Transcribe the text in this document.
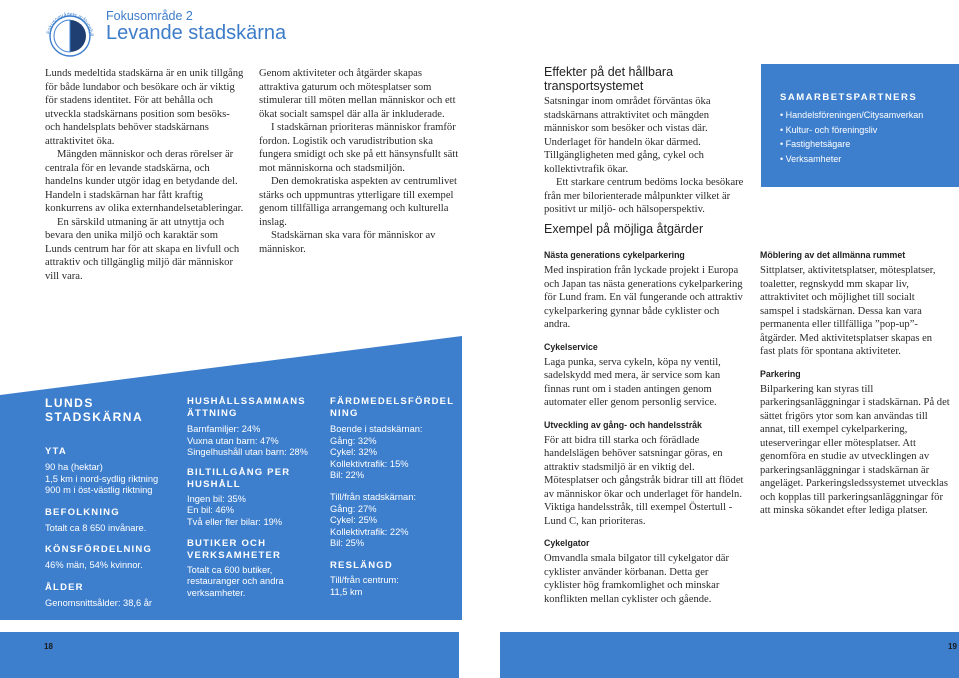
Fokusområdets måluppfyll
Fokusområde 2
Levande stadskärna

Lunds medeltida stadskärna är en unik tillgång för både lundabor och besökare och är viktig för stadens identitet. För att behålla och utveckla stadskärnans position som besöks- och handelsplats behöver stadskärnans attraktivitet öka.

Mängden människor och deras rörelser är centrala för en levande stadskärna, och handelns kunder utgör idag en betydande del. Handeln i stadskärnan har fått kraftig konkurrens av olika externhandelsetableringar.

En särskild utmaning är att utnyttja och bevara den unika miljö och karaktär som Lunds centrum har för att skapa en livfull och attraktiv och tillgänglig miljö där människor vill vara.

Genom aktiviteter och åtgärder skapas attraktiva gaturum och mötesplatser som stimulerar till möten mellan människor och ett ökat socialt samspel där alla är inkluderade.

I stadskärnan prioriteras människor framför fordon. Logistik och varudistribution ska fungera smidigt och ske på ett hänsynsfullt sätt mot människorna och stadsmiljön.

Den demokratiska aspekten av centrumlivet stärks och uppmuntras ytterligare till exempel genom tillfälliga arrangemang och kulturella inslag.

Stadskärnan ska vara för människor av människor.

LUNDS STADSKÄRNA

YTA

90 ha (hektar)

1,5 km i nord-sydlig riktning

900 m i öst-västlig riktning

BEFOLKNING

Totalt ca 8 650 invånare.

KÖNSFÖRDELNING

46% män, 54% kvinnor.

ÅLDER

Genomsnittsålder: 38,6 år

HUSHÅLLSSAMMANSÄTTNING

Barnfamiljer: 24%

Vuxna utan barn: 47%

Singelhushåll utan barn: 28%

BILTILLGÅNG PER HUSHÅLL

Ingen bil: 35%

En bil: 46%

Två eller fler bilar: 19%

BUTIKER OCH VERKSAMHETER

Totalt ca 600 butiker, restauranger och andra verksamheter.

FÄRDMEDELSFÖRDELNING

Boende i stadskärnan:

Gång: 32%

Cykel: 32%

Kollektivtrafik: 15%

Bil: 22%

Till/från stadskärnan:

Gång: 27%

Cykel: 25%

Kollektivtrafik: 22%

Bil: 25%

RESLÄNGD

Till/från centrum:

11,5 km

Effekter på det hållbara transportsystemet

Satsningar inom området förväntas öka stadskärnans attraktivitet och mängden människor som besöker och vistas där. Underlaget för handeln ökar därmed. Tillgängligheten med gång, cykel och kollektivtrafik ökar.

Ett starkare centrum bedöms locka besökare från mer bilorienterade målpunkter vilket är positivt ur miljö- och hälsoperspektiv.

SAMARBETSPARTNERS

• Handelsföreningen/Citysamverkan
• Kultur- och föreningsliv
• Fastighetsägare
• Verksamheter
Exempel på möjliga åtgärder

Nästa generations cykelparkering

Med inspiration från lyckade projekt i Europa och Japan tas nästa generations cykelparkering för Lund fram. En väl fungerande och attraktiv cykelparkering gynnar både cyklister och andra.

Cykelservice

Laga punka, serva cykeln, köpa ny ventil, sadelskydd med mera, är service som kan finnas runt om i staden antingen genom automater eller genom personlig service.

Utveckling av gång- och handelsstråk

För att bidra till starka och förädlade handelslägen behöver satsningar göras, en attraktiv stadsmiljö är en viktig del. Mötesplatser och gångstråk bidrar till att flödet av människor ökar och underlaget för handeln. Viktiga handelsstråk, till exempel Östertull - Lund C, kan prioriteras.

Cykelgator

Omvandla smala bilgator till cykelgator där cyklister använder körbanan. Detta ger cyklister hög framkomlighet och minskar konflikten mellan cyklister och gående.

Möblering av det allmänna rummet

Sittplatser, aktivitetsplatser, mötesplatser, toaletter, regnskydd mm skapar liv, attraktivitet och möjlighet till socialt samspel i stadskärnan. Dessa kan vara permanenta eller tillfälliga ”pop-up”-åtgärder. Med aktivitetsplatser skapas en fast plats för spontana aktiviteter.

Parkering

Bilparkering kan styras till parkeringsanläggningar i stadskärnan. På det sättet frigörs ytor som kan användas till annat, till exempel cykelparkering, uteserveringar eller mötesplatser. Att genomföra en studie av utvecklingen av parkeringsanläggningar i stadskärnan är angeläget. Parkeringsledssystemet utvecklas och kopplas till parkeringsanläggningar för att minska sökandet efter lediga platser.

18	19
